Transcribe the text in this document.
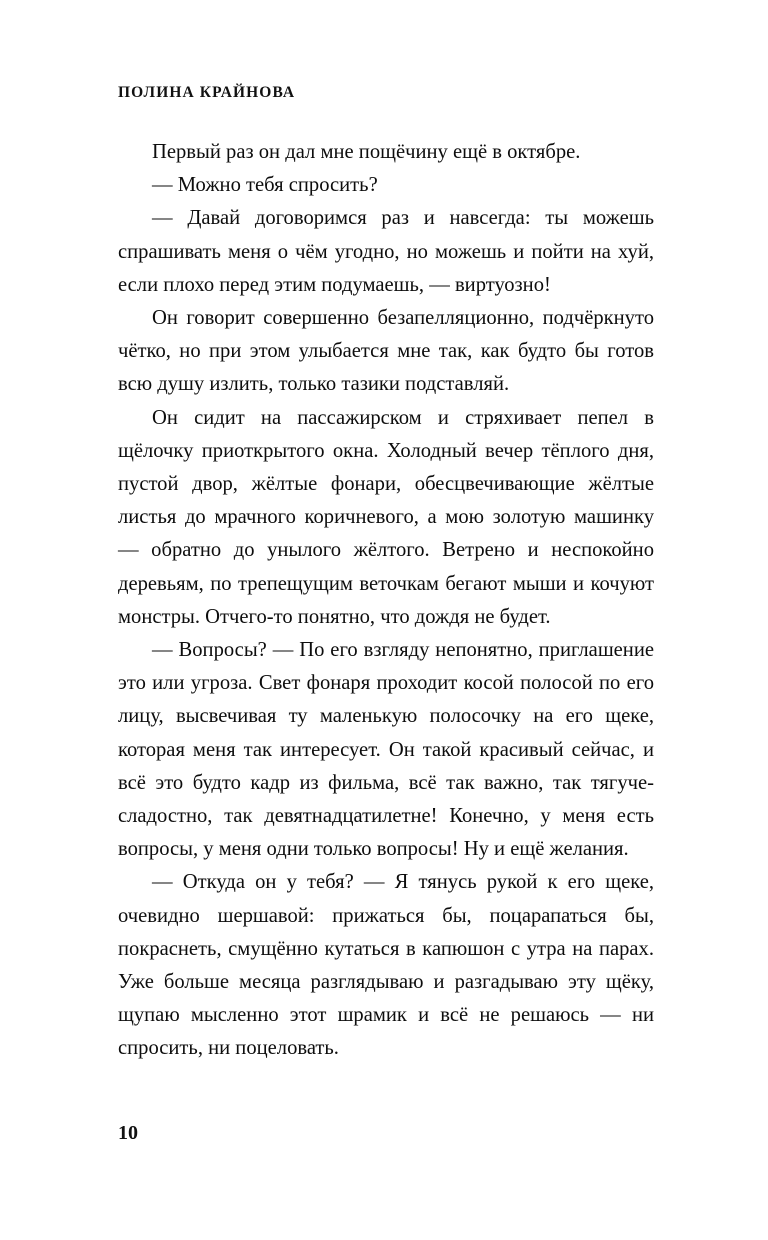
ПОЛИНА КРАЙНОВА

Первый раз он дал мне пощёчину ещё в октябре.

— Можно тебя спросить?

— Давай договоримся раз и навсегда: ты можешь спрашивать меня о чём угодно, но можешь и пойти на хуй, если плохо перед этим подумаешь, — виртуозно!

Он говорит совершенно безапелляционно, подчёркнуто чётко, но при этом улыбается мне так, как будто бы готов всю душу излить, только тазики подставляй.

Он сидит на пассажирском и стряхивает пепел в щёлочку приоткрытого окна. Холодный вечер тёплого дня, пустой двор, жёлтые фонари, обесцвечивающие жёлтые листья до мрачного коричневого, а мою золотую машинку — обратно до унылого жёлтого. Ветрено и неспокойно деревьям, по трепещущим веточкам бегают мыши и кочуют монстры. Отчего-то понятно, что дождя не будет.

— Вопросы? — По его взгляду непонятно, приглашение это или угроза. Свет фонаря проходит косой полосой по его лицу, высвечивая ту маленькую полосочку на его щеке, которая меня так интересует. Он такой красивый сейчас, и всё это будто кадр из фильма, всё так важно, так тягуче-сладостно, так девятнадцатилетне! Конечно, у меня есть вопросы, у меня одни только вопросы! Ну и ещё желания.

— Откуда он у тебя? — Я тянусь рукой к его щеке, очевидно шершавой: прижаться бы, поцарапаться бы, покраснеть, смущённо кутаться в капюшон с утра на парах. Уже больше месяца разглядываю и разгадываю эту щёку, щупаю мысленно этот шрамик и всё не решаюсь — ни спросить, ни поцеловать.

10
